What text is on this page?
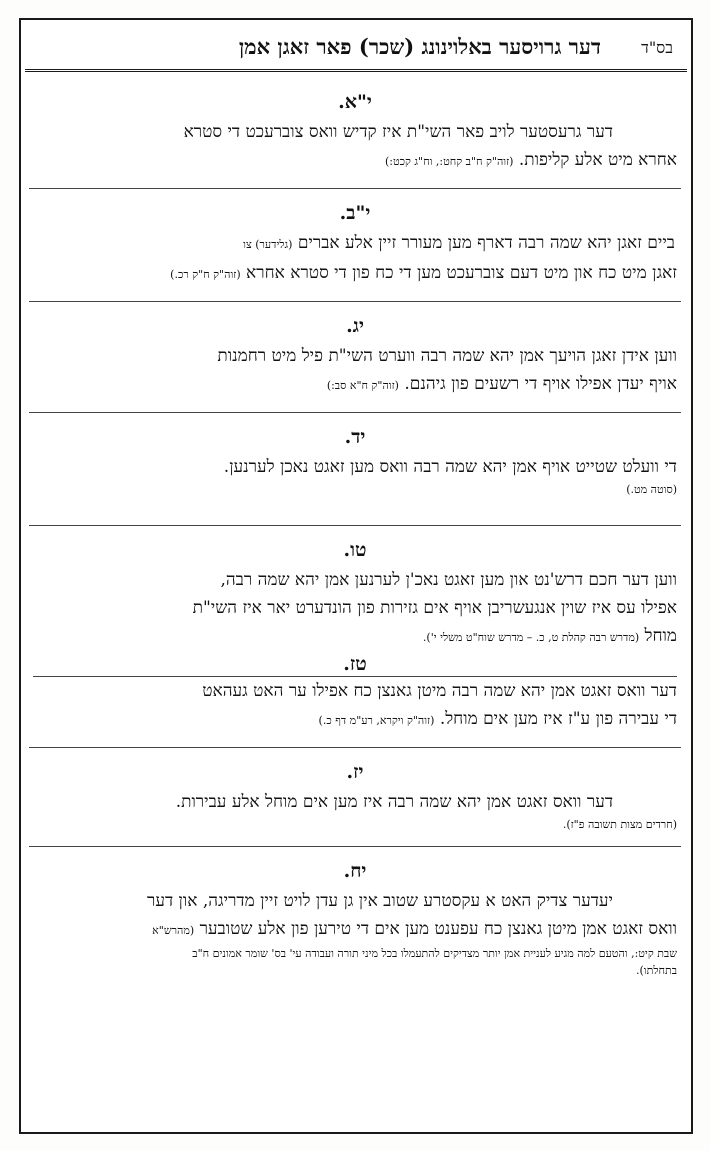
בס"ד
דער גרויסער באלוינונג (שכר) פאר זאגן אמן
י"א.
דער גרעסטער לויב פאר השי"ת איז קדיש וואס צוברעכט די סטרא
אחרא מיט אלע קליפות. (זוה"ק ח"ב קחט:, וח"ג קכט:)
י"ב.
ביים זאגן יהא שמה רבה דארף מען מעורר זיין אלע אברים (גלידער) צו
זאגן מיט כח און מיט דעם צוברעכט מען די כח פון די סטרא אחרא (זוה"ק ח"ק רכ.)
יג.
ווען אידן זאגן הויעך אמן יהא שמה רבה ווערט השי"ת פיל מיט רחמנות
אויף יעדן אפילו אויף די רשעים פון גיהנם. (זוה"ק ח"א סב:)
יד.
די וועלט שטייט אויף אמן יהא שמה רבה וואס מען זאגט נאכן לערנען.
(סוטה מט.)
טו.
ווען דער חכם דרש'נט און מען זאגט נאכ'ן לערנען אמן יהא שמה רבה,
אפילו עס איז שוין אנגעשריבן אויף אים גזירות פון הונדערט יאר איז השי"ת
מוחל (מדרש רבה קהלת ט, כ. – מדרש שוח"ט משלי י').
טז.
דער וואס זאגט אמן יהא שמה רבה מיטן גאנצן כח אפילו ער האט געהאט
די עבירה פון ע"ז איז מען אים מוחל. (זוה"ק ויקרא, רע"מ דף כ.)
יז.
דער וואס זאגט אמן יהא שמה רבה איז מען אים מוחל אלע עבירות.
(חרדים מצות תשובה פ"ז).
יח.
יעדער צדיק האט א עקסטרע שטוב אין גן עדן לויט זיין מדריגה, און דער
וואס זאגט אמן מיטן גאנצן כח עפענט מען אים די טירען פון אלע שטובער (מהרש"א
שבת קיט:, והטעם למה מגיע לעניית אמן יותר מצדיקים להתעמלו בכל מיני תורה ועבודה עי' בס' שומר אמונים ח"ב
בתחלתו).
